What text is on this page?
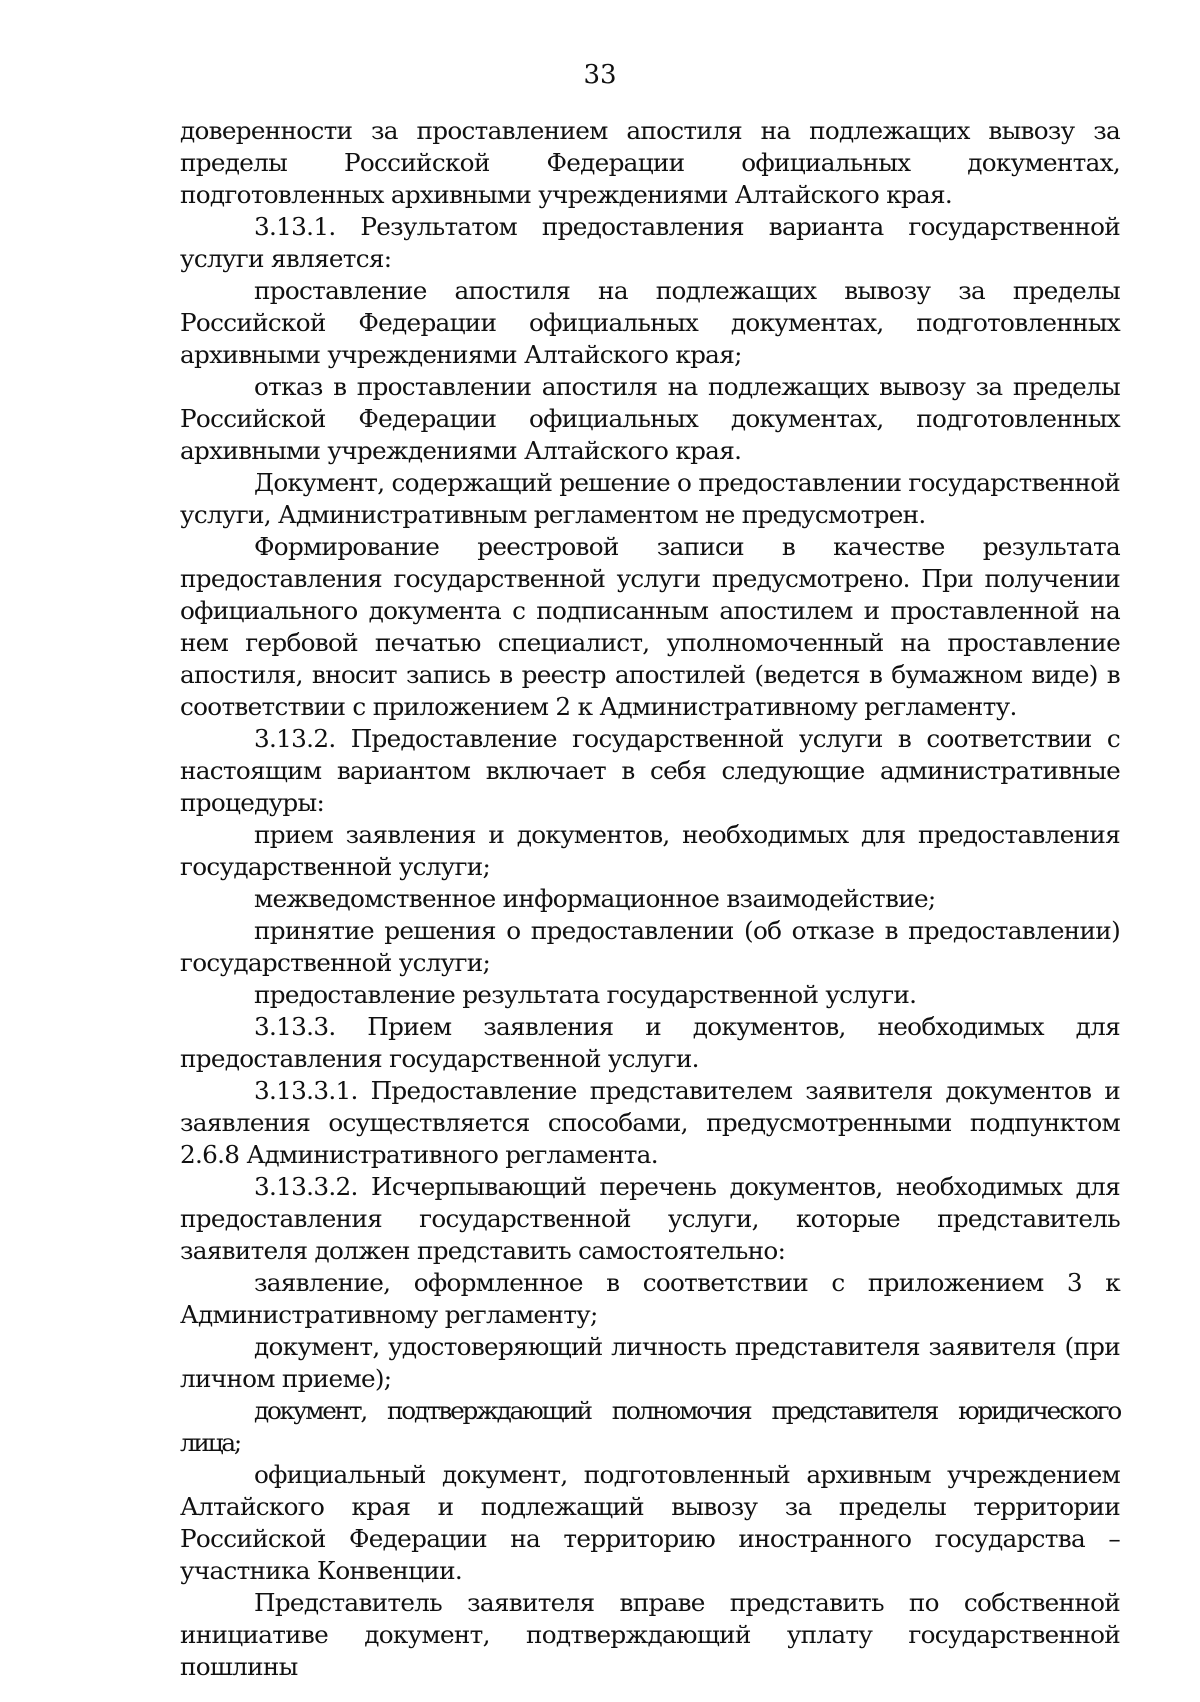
33

доверенности за проставлением апостиля на подлежащих вывозу за пределы Российской Федерации официальных документах, подготовленных архивными учреждениями Алтайского края.

3.13.1. Результатом предоставления варианта государственной услуги является:

проставление апостиля на подлежащих вывозу за пределы Российской Федерации официальных документах, подготовленных архивными учреждениями Алтайского края;

отказ в проставлении апостиля на подлежащих вывозу за пределы Российской Федерации официальных документах, подготовленных архивными учреждениями Алтайского края.

Документ, содержащий решение о предоставлении государственной услуги, Административным регламентом не предусмотрен.

Формирование реестровой записи в качестве результата предоставления государственной услуги предусмотрено. При получении официального документа с подписанным апостилем и проставленной на нем гербовой печатью специалист, уполномоченный на проставление апостиля, вносит запись в реестр апостилей (ведется в бумажном виде) в соответствии с приложением 2 к Административному регламенту.

3.13.2. Предоставление государственной услуги в соответствии с настоящим вариантом включает в себя следующие административные процедуры:

прием заявления и документов, необходимых для предоставления государственной услуги;

межведомственное информационное взаимодействие;

принятие решения о предоставлении (об отказе в предоставлении) государственной услуги;

предоставление результата государственной услуги.

3.13.3. Прием заявления и документов, необходимых для предоставления государственной услуги.

3.13.3.1. Предоставление представителем заявителя документов и заявления осуществляется способами, предусмотренными подпунктом 2.6.8 Административного регламента.

3.13.3.2. Исчерпывающий перечень документов, необходимых для предоставления государственной услуги, которые представитель заявителя должен представить самостоятельно:

заявление, оформленное в соответствии с приложением 3 к Административному регламенту;

документ, удостоверяющий личность представителя заявителя (при личном приеме);

документ, подтверждающий полномочия представителя юридического лица;

официальный документ, подготовленный архивным учреждением Алтайского края и подлежащий вывозу за пределы территории Российской Федерации на территорию иностранного государства – участника Конвенции.

Представитель заявителя вправе представить по собственной инициативе документ, подтверждающий уплату государственной пошлины
